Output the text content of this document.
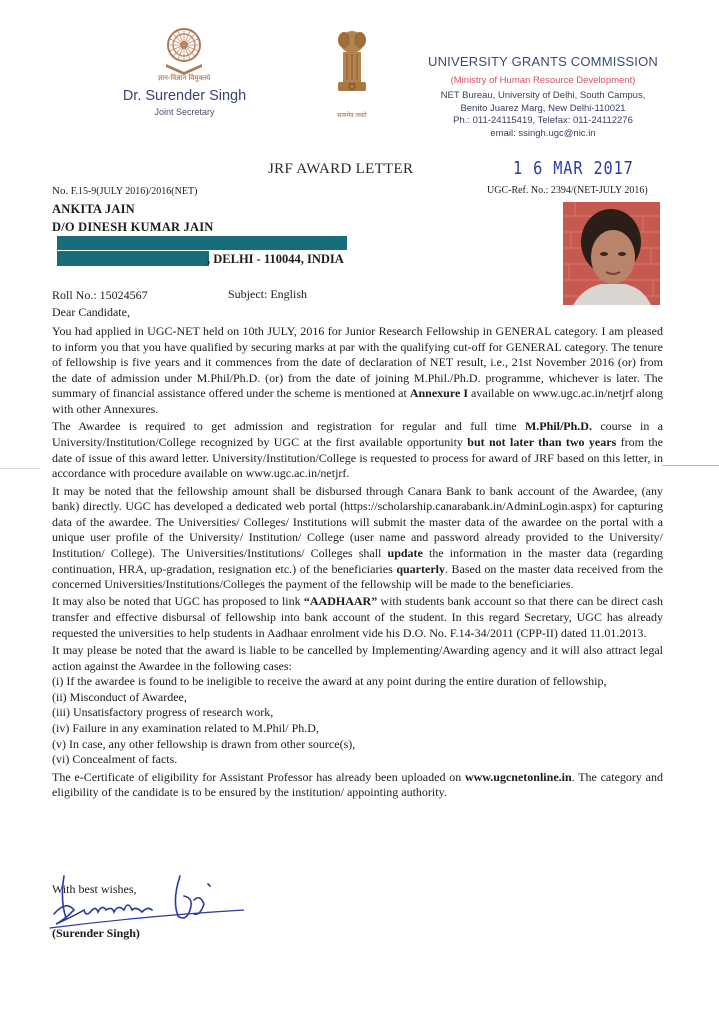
ज्ञान-विज्ञान विमुक्तये
Dr. Surender Singh
Joint Secretary	सत्यमेव जयते
UNIVERSITY GRANTS COMMISSION
(Ministry of Human Resource Development)
NET Bureau, University of Delhi, South Campus,
Benito Juarez Marg, New Delhi-110021
Ph.: 011-24115419, Telefax: 011-24112276
email: ssingh.ugc@nic.in
JRF AWARD LETTER	1 6 MAR 2017
No. F.15-9(JULY 2016)/2016(NET)	UGC-Ref. No.: 2394/(NET-JULY 2016)
ANKITA JAIN
D/O DINESH KUMAR JAIN
, DELHI - 110044, INDIA
Roll No.: 15024567	Subject: English
Dear Candidate,

You had applied in UGC-NET held on 10th JULY, 2016 for Junior Research Fellowship in GENERAL category. I am pleased to inform you that you have qualified by securing marks at par with the qualifying cut-off for GENERAL category. The tenure of fellowship is five years and it commences from the date of declaration of NET result, i.e., 21st November 2016 (or) from the date of admission under M.Phil/Ph.D. (or) from the date of joining M.Phil./Ph.D. programme, whichever is later. The summary of financial assistance offered under the scheme is mentioned at Annexure I available on www.ugc.ac.in/netjrf along with other Annexures.

The Awardee is required to get admission and registration for regular and full time M.Phil/Ph.D. course in a University/Institution/College recognized by UGC at the first available opportunity but not later than two years from the date of issue of this award letter. University/Institution/College is requested to process for award of JRF based on this letter, in accordance with procedure available on www.ugc.ac.in/netjrf.

It may be noted that the fellowship amount shall be disbursed through Canara Bank to bank account of the Awardee, (any bank) directly. UGC has developed a dedicated web portal (https://scholarship.canarabank.in/AdminLogin.aspx) for capturing data of the awardee. The Universities/ Colleges/ Institutions will submit the master data of the awardee on the portal with a unique user profile of the University/ Institution/ College (user name and password already provided to the University/ Institution/ College). The Universities/Institutions/ Colleges shall update the information in the master data (regarding continuation, HRA, up-gradation, resignation etc.) of the beneficiaries quarterly. Based on the master data received from the concerned Universities/Institutions/Colleges the payment of the fellowship will be made to the beneficiaries.

It may also be noted that UGC has proposed to link “AADHAAR” with students bank account so that there can be direct cash transfer and effective disbursal of fellowship into bank account of the student. In this regard Secretary, UGC has already requested the universities to help students in Aadhaar enrolment vide his D.O. No. F.14-34/2011 (CPP-II) dated 11.01.2013.

It may please be noted that the award is liable to be cancelled by Implementing/Awarding agency and it will also attract legal action against the Awardee in the following cases:

(i) If the awardee is found to be ineligible to receive the award at any point during the entire duration of fellowship,
(ii) Misconduct of Awardee,
(iii) Unsatisfactory progress of research work,
(iv) Failure in any examination related to M.Phil/ Ph.D,
(v) In case, any other fellowship is drawn from other source(s),
(vi) Concealment of facts.

The e-Certificate of eligibility for Assistant Professor has already been uploaded on www.ugcnetonline.in. The category and eligibility of the candidate is to be ensured by the institution/ appointing authority.

With best wishes,
(Surender Singh)
